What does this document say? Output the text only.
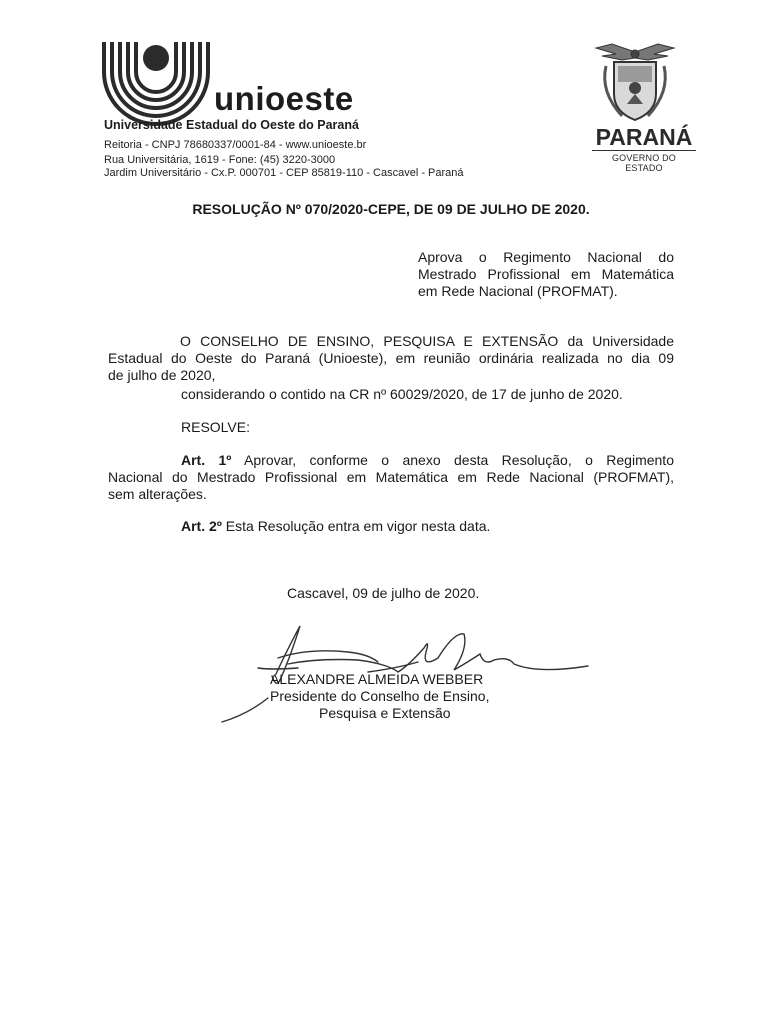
unioeste
Universidade Estadual do Oeste do Paraná
Reitoria - CNPJ 78680337/0001-84 - www.unioeste.br
Rua Universitária, 1619 - Fone: (45) 3220-3000
Jardim Universitário - Cx.P. 000701 - CEP 85819-110 - Cascavel - Paraná
PARANÁ
GOVERNO DO ESTADO
RESOLUÇÃO Nº 070/2020-CEPE, DE 09 DE JULHO DE 2020.
Aprova o Regimento Nacional do
Mestrado Profissional em Matemática
em Rede Nacional (PROFMAT).
O CONSELHO DE ENSINO, PESQUISA E EXTENSÃO da Universidade
Estadual do Oeste do Paraná (Unioeste), em reunião ordinária realizada no dia 09
de julho de 2020,
considerando o contido na CR nº 60029/2020, de 17 de junho de 2020.
RESOLVE:
Art. 1º Aprovar, conforme o anexo desta Resolução, o Regimento
Nacional do Mestrado Profissional em Matemática em Rede Nacional (PROFMAT),
sem alterações.
Art. 2º Esta Resolução entra em vigor nesta data.
Cascavel, 09 de julho de 2020.
ALEXANDRE ALMEIDA WEBBER
Presidente do Conselho de Ensino,
Pesquisa e Extensão
